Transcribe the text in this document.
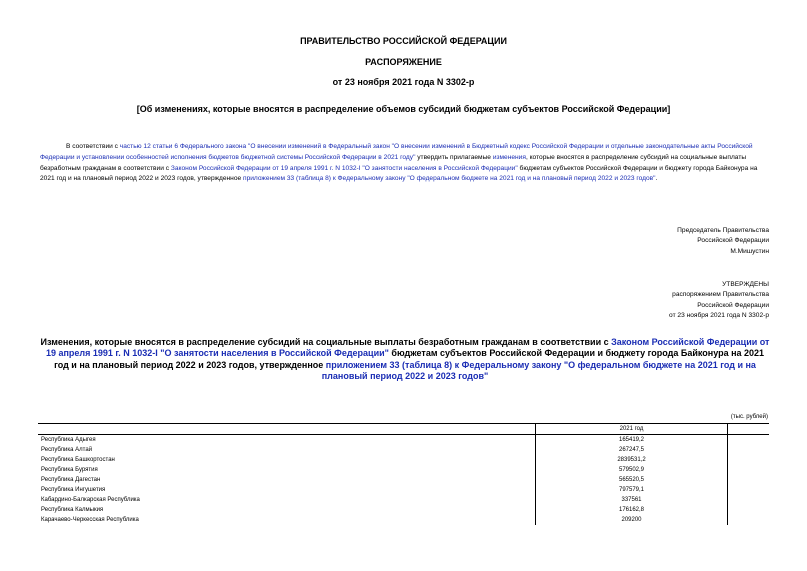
ПРАВИТЕЛЬСТВО РОССИЙСКОЙ ФЕДЕРАЦИИ
РАСПОРЯЖЕНИЕ
от 23 ноября 2021 года N 3302-р
[Об изменениях, которые вносятся в распределение объемов субсидий бюджетам субъектов Российской Федерации]
В соответствии с частью 12 статьи 6 Федерального закона "О внесении изменений в Федеральный закон "О внесении изменений в Бюджетный кодекс Российской Федерации и отдельные законодательные акты Российской Федерации и установлении особенностей исполнения бюджетов бюджетной системы Российской Федерации в 2021 году" утвердить прилагаемые изменения, которые вносятся в распределение субсидий на социальные выплаты безработным гражданам в соответствии с Законом Российской Федерации от 19 апреля 1991 г. N 1032-I "О занятости населения в Российской Федерации" бюджетам субъектов Российской Федерации и бюджету города Байконура на 2021 год и на плановый период 2022 и 2023 годов, утвержденное приложением 33 (таблица 8) к Федеральному закону "О федеральном бюджете на 2021 год и на плановый период 2022 и 2023 годов".
Председатель Правительства
Российской Федерации
М.Мишустин
УТВЕРЖДЕНЫ
распоряжением Правительства
Российской Федерации
от 23 ноября 2021 года N 3302-р
Изменения, которые вносятся в распределение субсидий на социальные выплаты безработным гражданам в соответствии с Законом Российской Федерации от 19 апреля 1991 г. N 1032-I "О занятости населения в Российской Федерации" бюджетам субъектов Российской Федерации и бюджету города Байконура на 2021 год и на плановый период 2022 и 2023 годов, утвержденное приложением 33 (таблица 8) к Федеральному закону "О федеральном бюджете на 2021 год и на плановый период 2022 и 2023 годов"
(тыс. рублей)
	2021 год	
Республика Адыгея	165419,2	
Республика Алтай	267247,5	
Республика Башкортостан	2839531,2	
Республика Бурятия	579502,9	
Республика Дагестан	565520,5	
Республика Ингушетия	797579,1	
Кабардино-Балкарская Республика	337561	
Республика Калмыкия	176162,8	
Карачаево-Черкесская Республика	209200	
